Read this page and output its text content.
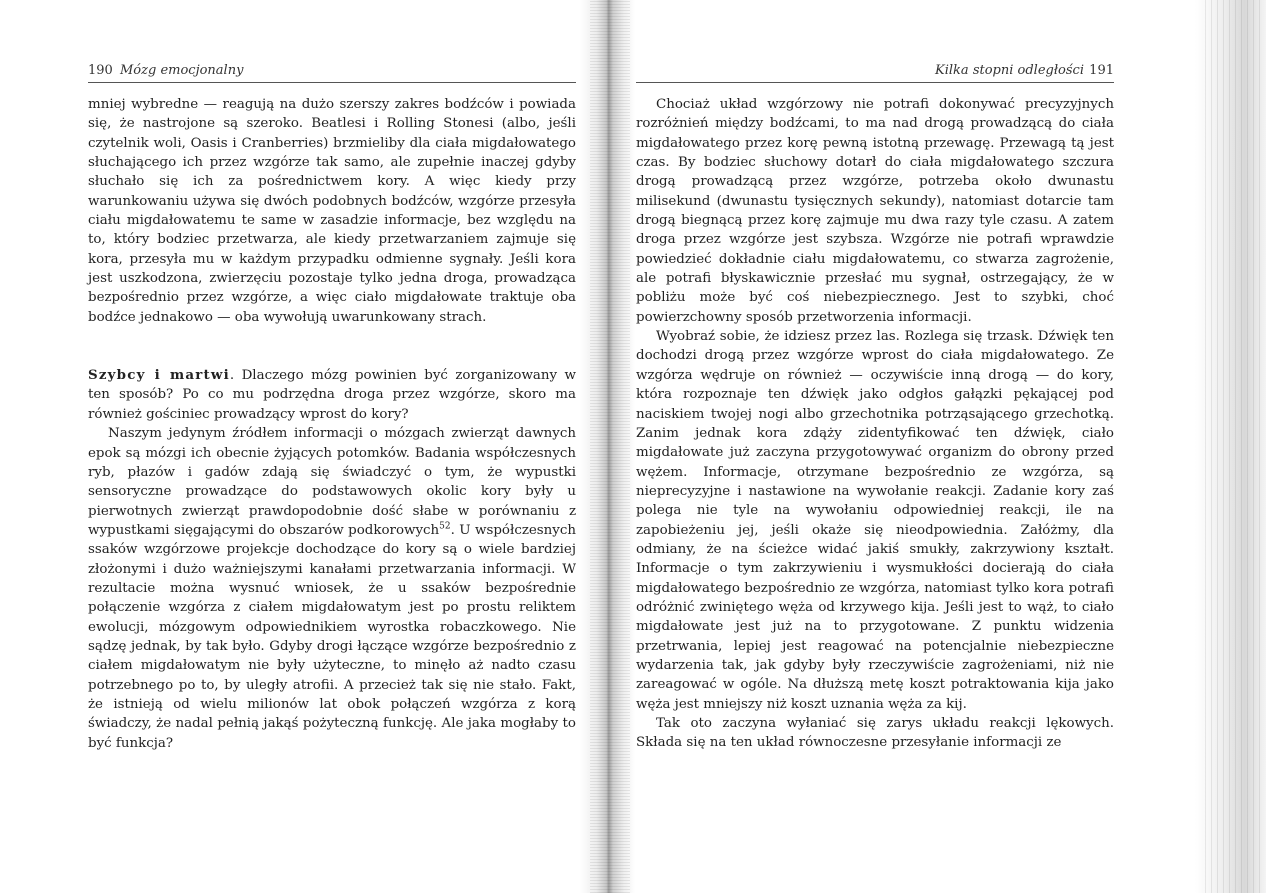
190 Mózg emocjonalny

mniej wybredne — reagują na dużo szerszy zakres bodźców i powiada się, że nastrojone są szeroko. Beatlesi i Rolling Stonesi (albo, jeśli czytelnik woli, Oasis i Cranberries) brzmieliby dla ciała migdałowatego słuchającego ich przez wzgórze tak samo, ale zupełnie inaczej gdyby słuchało się ich za pośrednictwem kory. A więc kiedy przy warunkowaniu używa się dwóch podobnych bodźców, wzgórze przesyła ciału migdałowatemu te same w zasadzie informacje, bez względu na to, który bodziec przetwarza, ale kiedy przetwarzaniem zajmuje się kora, przesyła mu w każdym przypadku odmienne sygnały. Jeśli kora jest uszkodzona, zwierzęciu pozostaje tylko jedna droga, prowadząca bezpośrednio przez wzgórze, a więc ciało migdałowate traktuje oba bodźce jednakowo — oba wywołują uwarunkowany strach.

Szybcy i martwi. Dlaczego mózg powinien być zorganizowany w ten sposób? Po co mu podrzędna droga przez wzgórze, skoro ma również gościniec prowadzący wprost do kory?

Naszym jedynym źródłem informacji o mózgach zwierząt dawnych epok są mózgi ich obecnie żyjących potomków. Badania współczesnych ryb, płazów i gadów zdają się świadczyć o tym, że wypustki sensoryczne prowadzące do podstawowych okolic kory były u pierwotnych zwierząt prawdopodobnie dość słabe w porównaniu z wypustkami sięgającymi do obszarów podkorowych$^{52}$. U współczesnych ssaków wzgórzowe projekcje dochodzące do kory są o wiele bardziej złożonymi i dużo ważniejszymi kanałami przetwarzania informacji. W rezultacie można wysnuć wniosek, że u ssaków bezpośrednie połączenie wzgórza z ciałem migdałowatym jest po prostu reliktem ewolucji, mózgowym odpowiednikiem wyrostka robaczkowego. Nie sądzę jednak, by tak było. Gdyby drogi łączące wzgórze bezpośrednio z ciałem migdałowatym nie były użyteczne, to minęło aż nadto czasu potrzebnego po to, by uległy atrofii. A przecież tak się nie stało. Fakt, że istnieją od wielu milionów lat obok połączeń wzgórza z korą świadczy, że nadal pełnią jakąś pożyteczną funkcję. Ale jaka mogłaby to być funkcja?

Kilka stopni odległości 191

Chociaż układ wzgórzowy nie potrafi dokonywać precyzyjnych rozróżnień między bodźcami, to ma nad drogą prowadzącą do ciała migdałowatego przez korę pewną istotną przewagę. Przewagą tą jest czas. By bodziec słuchowy dotarł do ciała migdałowatego szczura drogą prowadzącą przez wzgórze, potrzeba około dwunastu milisekund (dwunastu tysięcznych sekundy), natomiast dotarcie tam drogą biegnącą przez korę zajmuje mu dwa razy tyle czasu. A zatem droga przez wzgórze jest szybsza. Wzgórze nie potrafi wprawdzie powiedzieć dokładnie ciału migdałowatemu, co stwarza zagrożenie, ale potrafi błyskawicznie przesłać mu sygnał, ostrzegający, że w pobliżu może być coś niebezpiecznego. Jest to szybki, choć powierzchowny sposób przetworzenia informacji.

Wyobraź sobie, że idziesz przez las. Rozlega się trzask. Dźwięk ten dochodzi drogą przez wzgórze wprost do ciała migdałowatego. Ze wzgórza wędruje on również — oczywiście inną drogą — do kory, która rozpoznaje ten dźwięk jako odgłos gałązki pękającej pod naciskiem twojej nogi albo grzechotnika potrząsającego grzechotką. Zanim jednak kora zdąży zidentyfikować ten dźwięk, ciało migdałowate już zaczyna przygotowywać organizm do obrony przed wężem. Informacje, otrzymane bezpośrednio ze wzgórza, są nieprecyzyjne i nastawione na wywołanie reakcji. Zadanie kory zaś polega nie tyle na wywołaniu odpowiedniej reakcji, ile na zapobieżeniu jej, jeśli okaże się nieodpowiednia. Załóżmy, dla odmiany, że na ścieżce widać jakiś smukły, zakrzywiony kształt. Informacje o tym zakrzywieniu i wysmukłości docierają do ciała migdałowatego bezpośrednio ze wzgórza, natomiast tylko kora potrafi odróżnić zwiniętego węża od krzywego kija. Jeśli jest to wąż, to ciało migdałowate jest już na to przygotowane. Z punktu widzenia przetrwania, lepiej jest reagować na potencjalnie niebezpieczne wydarzenia tak, jak gdyby były rzeczywiście zagrożeniami, niż nie zareagować w ogóle. Na dłuższą metę koszt potraktowania kija jako węża jest mniejszy niż koszt uznania węża za kij.

Tak oto zaczyna wyłaniać się zarys układu reakcji lękowych. Składa się na ten układ równoczesne przesyłanie informacji ze
